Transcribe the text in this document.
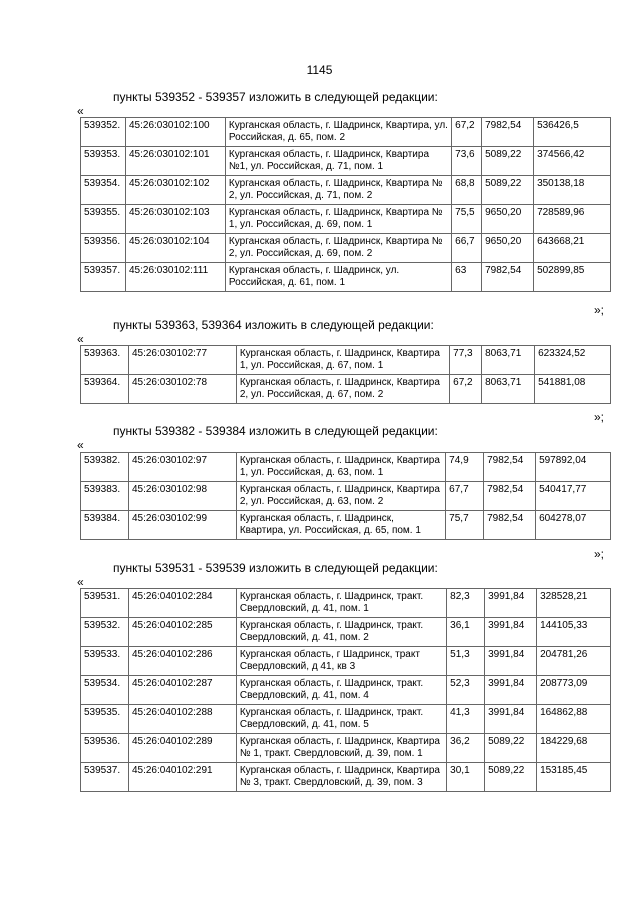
1145
пункты 539352 - 539357 изложить в следующей редакции:
«
539352.	45:26:030102:100	Курганская область, г. Шадринск, Квартира, ул. Российская, д. 65, пом. 2	67,2	7982,54	536426,5
539353.	45:26:030102:101	Курганская область, г. Шадринск, Квартира №1, ул. Российская, д. 71, пом. 1	73,6	5089,22	374566,42
539354.	45:26:030102:102	Курганская область, г. Шадринск, Квартира № 2, ул. Российская, д. 71, пом. 2	68,8	5089,22	350138,18
539355.	45:26:030102:103	Курганская область, г. Шадринск, Квартира № 1, ул. Российская, д. 69, пом. 1	75,5	9650,20	728589,96
539356.	45:26:030102:104	Курганская область, г. Шадринск, Квартира № 2, ул. Российская, д. 69, пом. 2	66,7	9650,20	643668,21
539357.	45:26:030102:111	Курганская область, г. Шадринск, ул. Российская, д. 61, пом. 1	63	7982,54	502899,85
»;
пункты 539363, 539364 изложить в следующей редакции:
«
539363.	45:26:030102:77	Курганская область, г. Шадринск, Квартира 1, ул. Российская, д. 67, пом. 1	77,3	8063,71	623324,52
539364.	45:26:030102:78	Курганская область, г. Шадринск, Квартира 2, ул. Российская, д. 67, пом. 2	67,2	8063,71	541881,08
»;
пункты 539382 - 539384 изложить в следующей редакции:
«
539382.	45:26:030102:97	Курганская область, г. Шадринск, Квартира 1, ул. Российская, д. 63, пом. 1	74,9	7982,54	597892,04
539383.	45:26:030102:98	Курганская область, г. Шадринск, Квартира 2, ул. Российская, д. 63, пом. 2	67,7	7982,54	540417,77
539384.	45:26:030102:99	Курганская область, г. Шадринск, Квартира, ул. Российская, д. 65, пом. 1	75,7	7982,54	604278,07
»;
пункты 539531 - 539539 изложить в следующей редакции:
«
539531.	45:26:040102:284	Курганская область, г. Шадринск, тракт. Свердловский, д. 41, пом. 1	82,3	3991,84	328528,21
539532.	45:26:040102:285	Курганская область, г. Шадринск, тракт. Свердловский, д. 41, пом. 2	36,1	3991,84	144105,33
539533.	45:26:040102:286	Курганская область, г Шадринск, тракт Свердловский, д 41, кв 3	51,3	3991,84	204781,26
539534.	45:26:040102:287	Курганская область, г. Шадринск, тракт. Свердловский, д. 41, пом. 4	52,3	3991,84	208773,09
539535.	45:26:040102:288	Курганская область, г. Шадринск, тракт. Свердловский, д. 41, пом. 5	41,3	3991,84	164862,88
539536.	45:26:040102:289	Курганская область, г. Шадринск, Квартира № 1, тракт. Свердловский, д. 39, пом. 1	36,2	5089,22	184229,68
539537.	45:26:040102:291	Курганская область, г. Шадринск, Квартира № 3, тракт. Свердловский, д. 39, пом. 3	30,1	5089,22	153185,45
